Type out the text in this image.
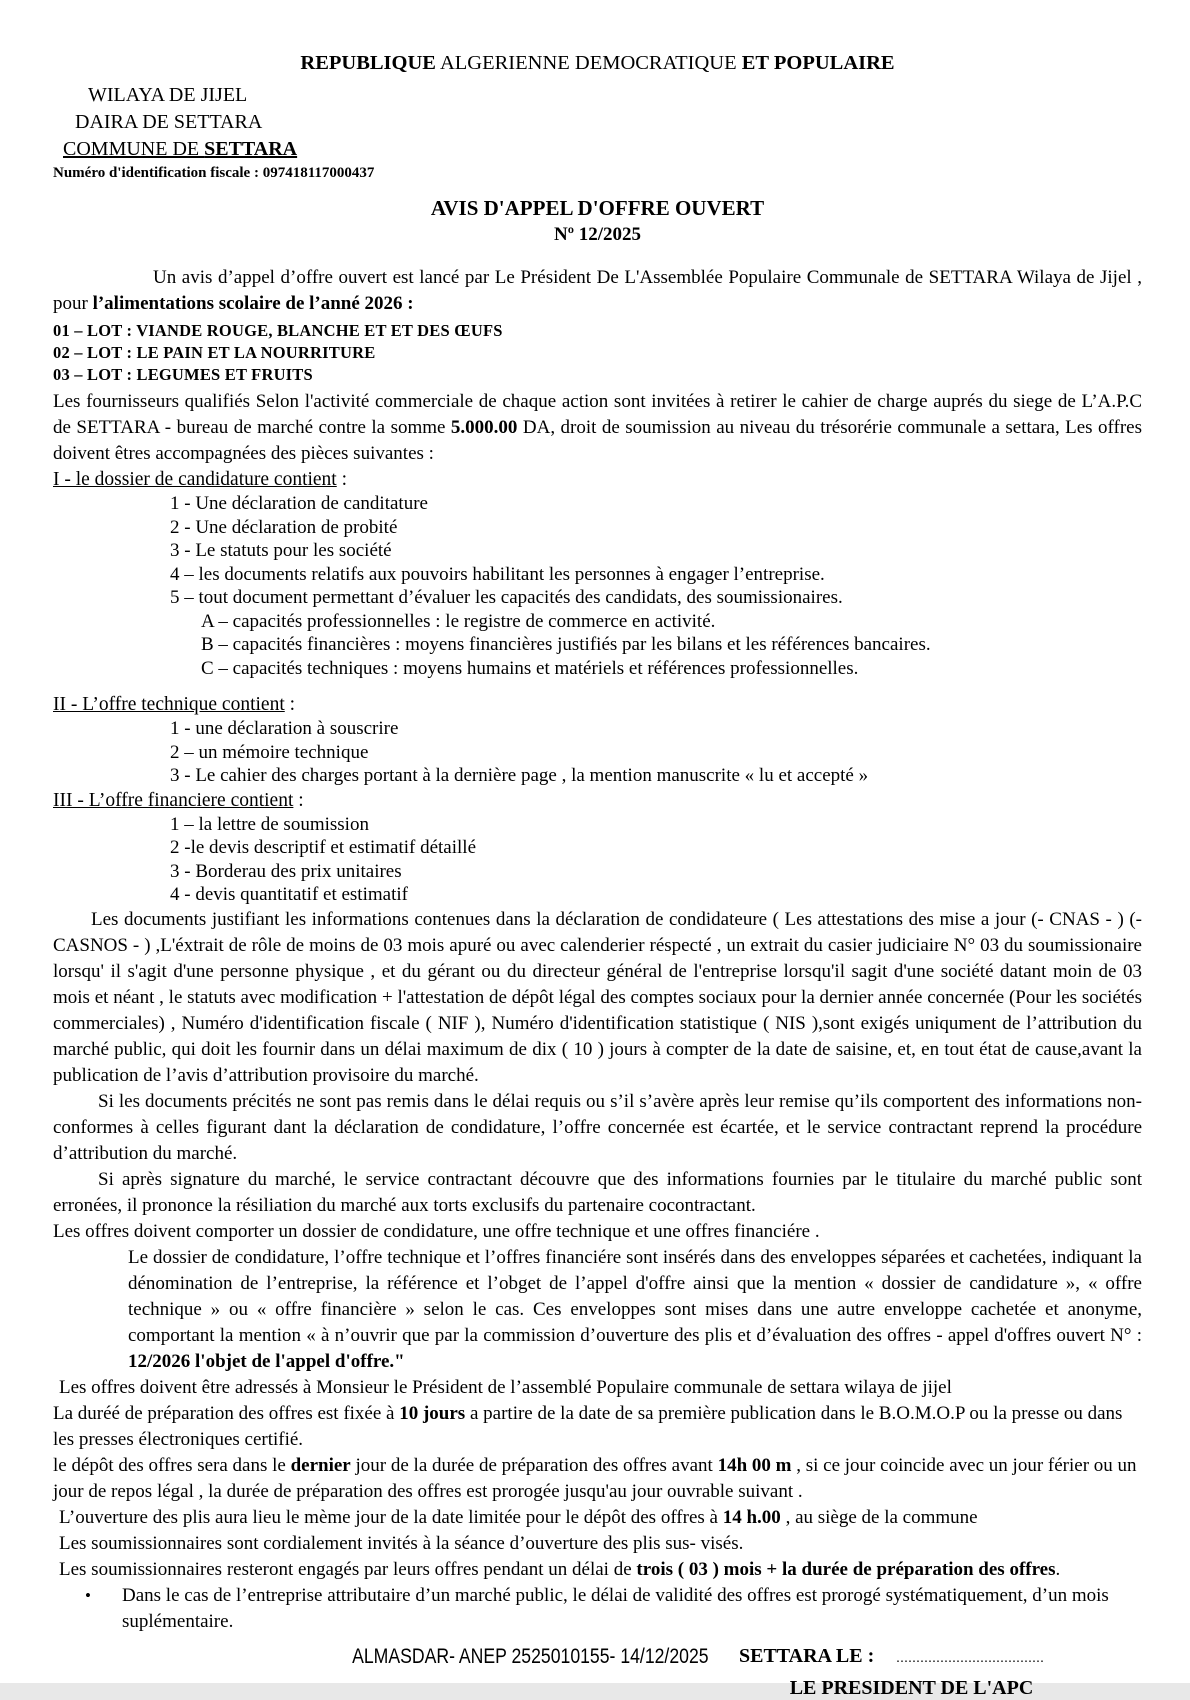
REPUBLIQUE ALGERIENNE DEMOCRATIQUE ET POPULAIRE
WILAYA DE JIJEL
DAIRA DE SETTARA
COMMUNE DE SETTARA
Numéro d'identification fiscale : 097418117000437
AVIS D'APPEL D'OFFRE OUVERT
Nº 12/2025

Un avis d’appel d’offre ouvert est lancé par Le Président De L'Assemblée Populaire Communale de SETTARA Wilaya de Jijel , pour l’alimentations scolaire de l’anné 2026 :

01 – LOT : VIANDE ROUGE, BLANCHE ET ET DES ŒUFS
02 – LOT : LE PAIN ET LA NOURRITURE
03 – LOT : LEGUMES ET FRUITS

Les fournisseurs qualifiés Selon l'activité commerciale de chaque action sont invitées à retirer le cahier de charge auprés du siege de L’A.P.C de SETTARA - bureau de marché contre la somme 5.000.00 DA, droit de soumission au niveau du trésorérie communale a settara, Les offres doivent êtres accompagnées des pièces suivantes :

I - le dossier de candidature contient :
1 - Une déclaration de canditature
2 - Une déclaration de probité
3 - Le statuts pour les société
4 – les documents relatifs aux pouvoirs habilitant les personnes à engager l’entreprise.
5 – tout document permettant d’évaluer les capacités des candidats, des soumissionaires.
A – capacités professionnelles : le registre de commerce en activité.
B – capacités financières : moyens financières justifiés par les bilans et les références bancaires.
C – capacités techniques : moyens humains et matériels et références professionnelles.
II - L’offre technique contient :
1 - une déclaration à souscrire
2 – un mémoire technique
3 - Le cahier des charges portant à la dernière page , la mention manuscrite « lu et accepté »
III - L’offre financiere contient :
1 – la lettre de soumission
2 -le devis descriptif et estimatif détaillé
3 - Borderau des prix unitaires
4 - devis quantitatif et estimatif

Les documents justifiant les informations contenues dans la déclaration de condidateure ( Les attestations des mise a jour (- CNAS - ) (-CASNOS - ) ,L'éxtrait de rôle de moins de 03 mois apuré ou avec calenderier réspecté , un extrait du casier judiciaire N° 03 du soumissionaire lorsqu' il s'agit d'une personne physique , et du gérant ou du directeur général de l'entreprise lorsqu'il sagit d'une société datant moin de 03 mois et néant , le statuts avec modification + l'attestation de dépôt légal des comptes sociaux pour la dernier année concernée (Pour les sociétés commerciales) , Numéro d'identification fiscale ( NIF ), Numéro d'identification statistique ( NIS ),sont exigés uniqument de l’attribution du marché public, qui doit les fournir dans un délai maximum de dix ( 10 ) jours à compter de la date de saisine, et, en tout état de cause,avant la publication de l’avis d’attribution provisoire du marché.

Si les documents précités ne sont pas remis dans le délai requis ou s’il s’avère après leur remise qu’ils comportent des informations non-conformes à celles figurant dant la déclaration de condidature, l’offre concernée est écartée, et le service contractant reprend la procédure d’attribution du marché.

Si après signature du marché, le service contractant découvre que des informations fournies par le titulaire du marché public sont erronées, il prononce la résiliation du marché aux torts exclusifs du partenaire cocontractant.

Les offres doivent comporter un dossier de condidature, une offre technique et une offres financiére .

Le dossier de condidature, l’offre technique et l’offres financiére sont insérés dans des enveloppes séparées et cachetées, indiquant la dénomination de l’entreprise, la référence et l’obget de l’appel d'offre ainsi que la mention « dossier de candidature », « offre technique » ou « offre financière » selon le cas. Ces enveloppes sont mises dans une autre enveloppe cachetée et anonyme, comportant la mention « à n’ouvrir que par la commission d’ouverture des plis et d’évaluation des offres - appel d'offres ouvert N° : 12/2026 l'objet de l'appel d'offre."

Les offres doivent être adressés à Monsieur le Président de l’assemblé Populaire communale de settara wilaya de jijel

La duréé de préparation des offres est fixée à 10 jours a partire de la date de sa première publication dans le B.O.M.O.P ou la presse ou dans les presses électroniques certifié.

le dépôt des offres sera dans le dernier jour de la durée de préparation des offres avant 14h 00 m , si ce jour coincide avec un jour férier ou un jour de repos légal , la durée de préparation des offres est prorogée jusqu'au jour ouvrable suivant .

L’ouverture des plis aura lieu le mème jour de la date limitée pour le dépôt des offres à 14 h.00 , au siège de la commune

Les soumissionnaires sont cordialement invités à la séance d’ouverture des plis sus- visés.

Les soumissionnaires resteront engagés par leurs offres pendant un délai de trois ( 03 ) mois + la durée de préparation des offres.

•	Dans le cas de l’entreprise attributaire d’un marché public, le délai de validité des offres est prorogé systématiquement, d’un mois suplémentaire.
SETTARA LE : .....................................
LE PRESIDENT DE L'APC
ALMASDAR- ANEP 2525010155- 14/12/2025
